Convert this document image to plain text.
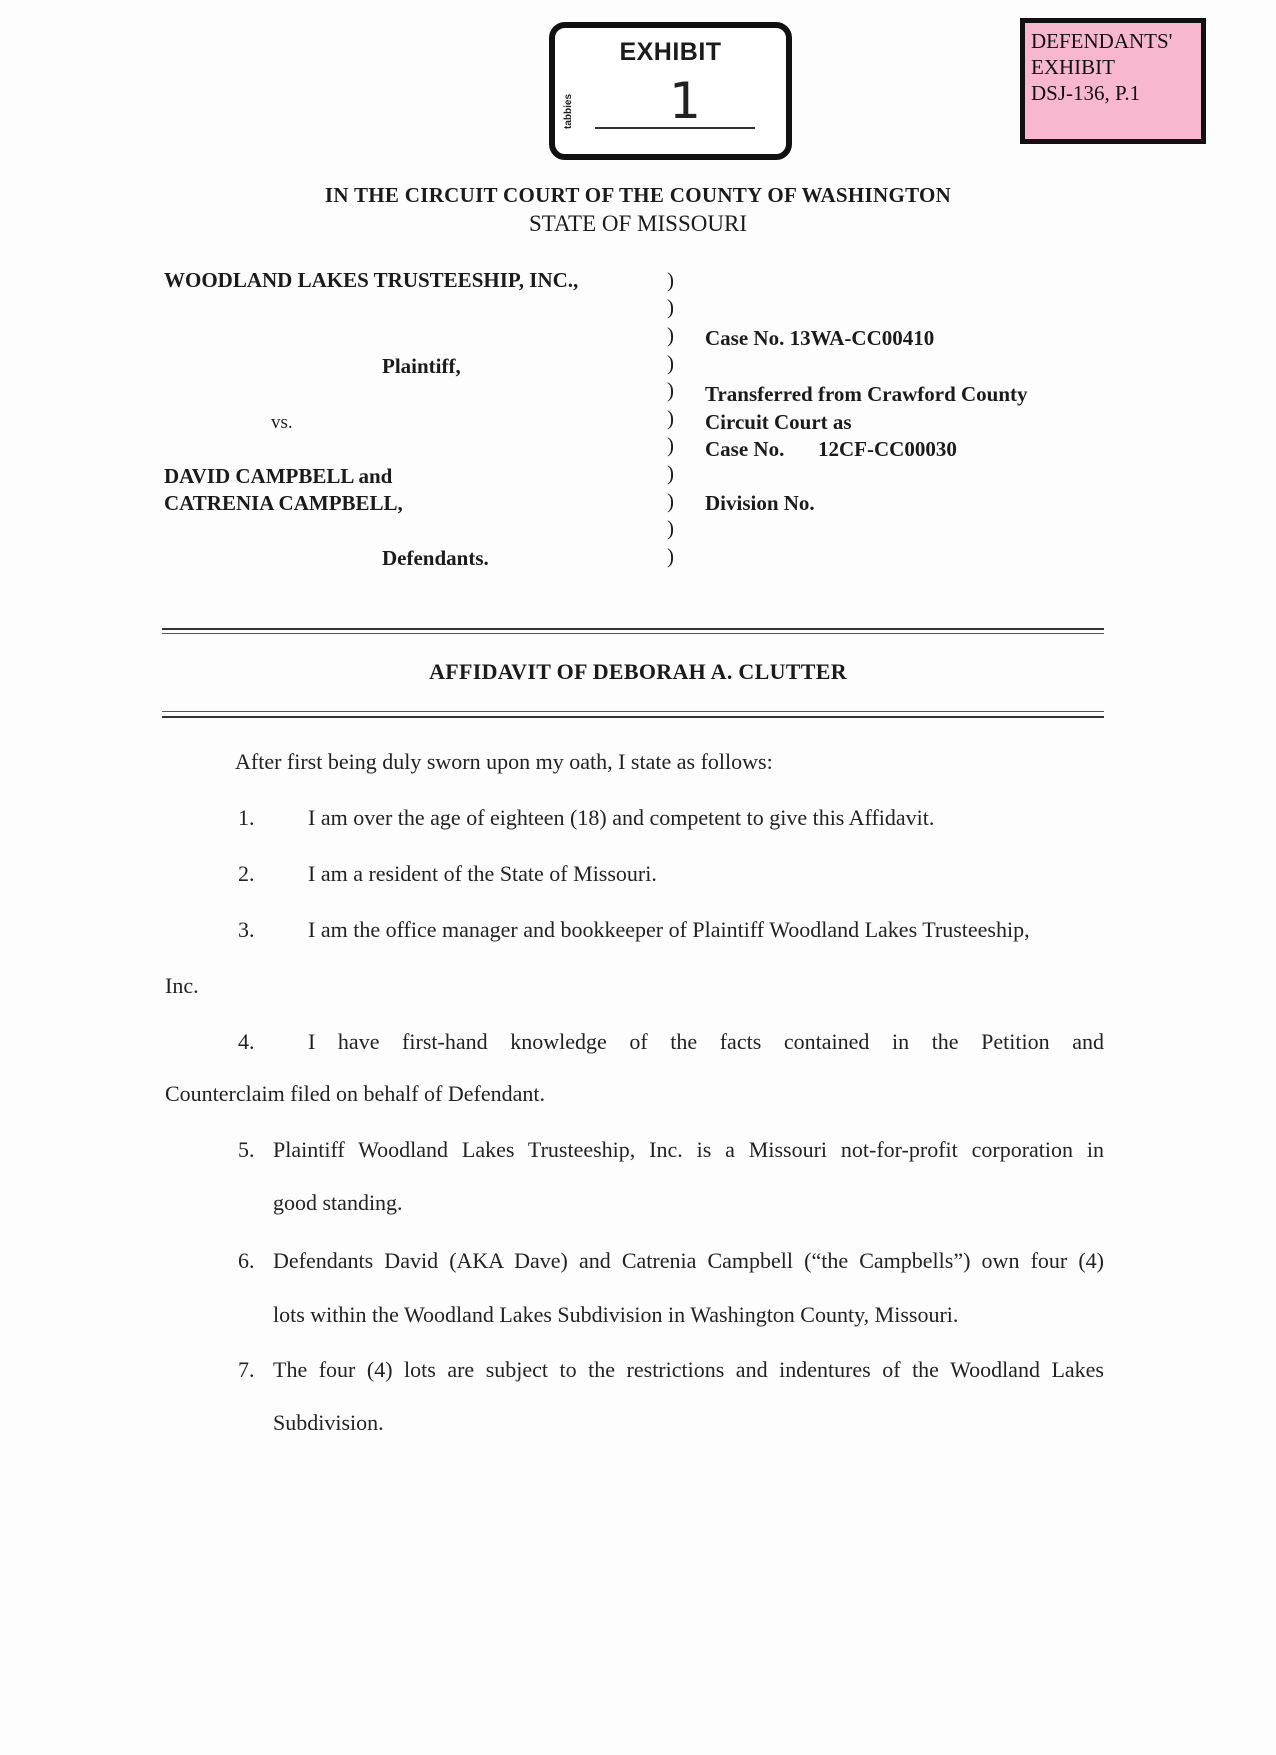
EXHIBIT
tabbies	1
DEFENDANTS'
EXHIBIT
DSJ-136, P.1
IN THE CIRCUIT COURT OF THE COUNTY OF WASHINGTON
STATE OF MISSOURI
WOODLAND LAKES TRUSTEESHIP, INC.,
Plaintiff,
vs.
DAVID CAMPBELL and
CATRENIA CAMPBELL,
Defendants.
)
)
)
)
)
)
)
)
)
)
)
Case No. 13WA-CC00410
Transferred from Crawford County
Circuit Court as
Case No. 12CF-CC00030
Division No.
AFFIDAVIT OF DEBORAH A. CLUTTER
After first being duly sworn upon my oath, I state as follows:
1. I am over the age of eighteen (18) and competent to give this Affidavit.
2. I am a resident of the State of Missouri.
3. I am the office manager and bookkeeper of Plaintiff Woodland Lakes Trusteeship,
Inc.
4. I have first-hand knowledge of the facts contained in the Petition and
Counterclaim filed on behalf of Defendant.
5. Plaintiff Woodland Lakes Trusteeship, Inc. is a Missouri not-for-profit corporation in
good standing.
6. Defendants David (AKA Dave) and Catrenia Campbell (“the Campbells”) own four (4)
lots within the Woodland Lakes Subdivision in Washington County, Missouri.
7. The four (4) lots are subject to the restrictions and indentures of the Woodland Lakes
Subdivision.
